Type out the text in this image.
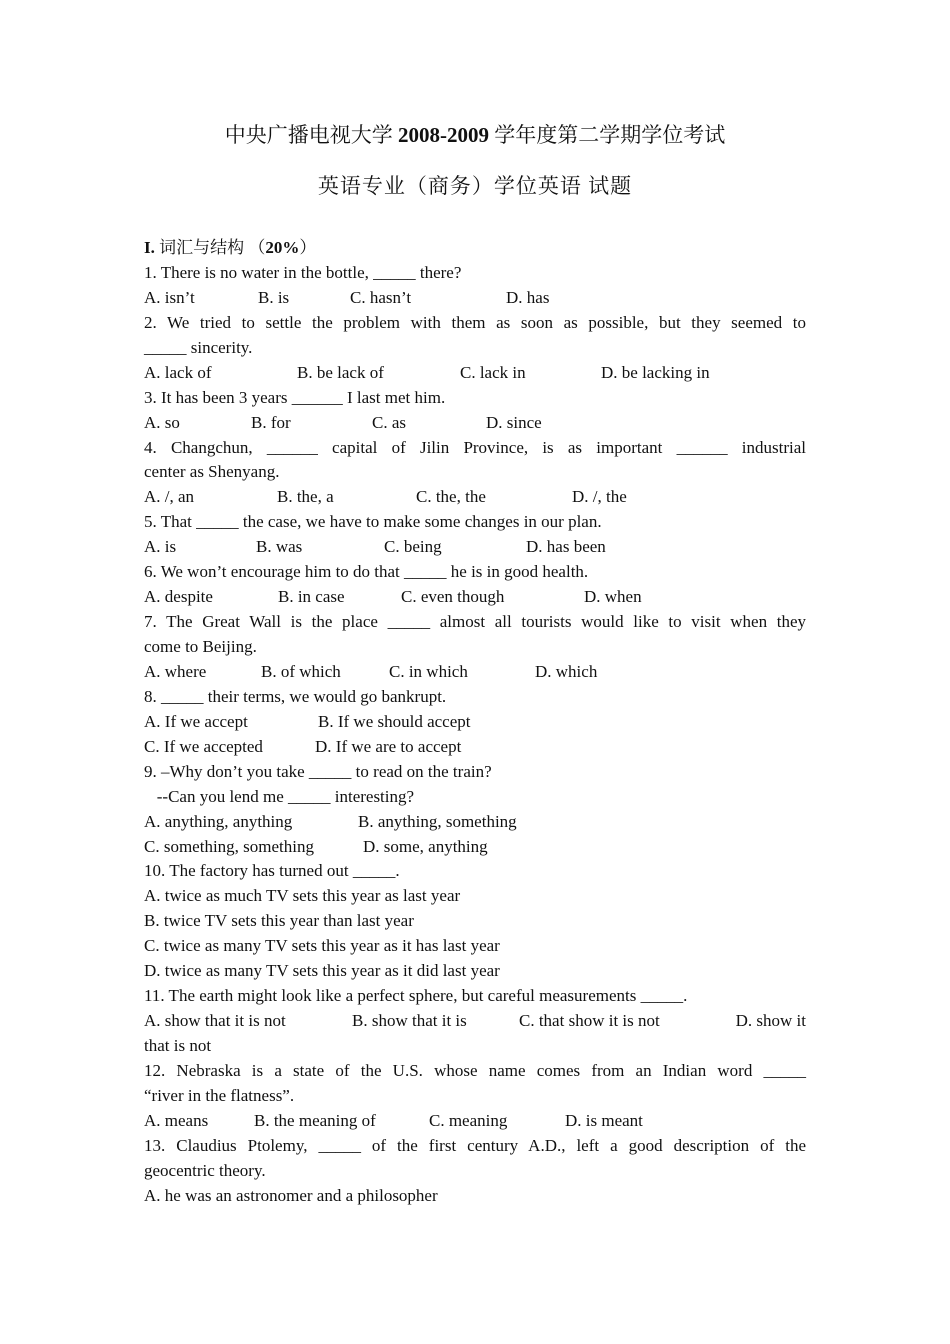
中央广播电视大学 2008-2009 学年度第二学期学位考试
英语专业（商务）学位英语 试题
I. 词汇与结构 （20%）
1. There is no water in the bottle, _____ there?
A. isn’t	B. is	C. hasn’t	D. has
2. We tried to settle the problem with them as soon as possible, but they seemed to
_____ sincerity.
A. lack of	B. be lack of	C. lack in	D. be lacking in
3. It has been 3 years ______ I last met him.
A. so	B. for	C. as	D. since
4. Changchun, ______ capital of Jilin Province, is as important ______ industrial
center as Shenyang.
A. /, an	B. the, a	C. the, the	D. /, the
5. That _____ the case, we have to make some changes in our plan.
A. is	B. was	C. being	D. has been
6. We won’t encourage him to do that _____ he is in good health.
A. despite	B. in case	C. even though	D. when
7. The Great Wall is the place _____ almost all tourists would like to visit when they
come to Beijing.
A. where	B. of which	C. in which	D. which
8. _____ their terms, we would go bankrupt.
A. If we accept	B. If we should accept
C. If we accepted	D. If we are to accept
9. –Why don’t you take _____ to read on the train?
--Can you lend me _____ interesting?
A. anything, anything	B. anything, something
C. something, something	D. some, anything
10. The factory has turned out _____.
A. twice as much TV sets this year as last year
B. twice TV sets this year than last year
C. twice as many TV sets this year as it has last year
D. twice as many TV sets this year as it did last year
11. The earth might look like a perfect sphere, but careful measurements _____.
A. show that it is not	B. show that it is	C. that show it is not	D. show it
that is not
12. Nebraska is a state of the U.S. whose name comes from an Indian word _____
“river in the flatness”.
A. means	B. the meaning of	C. meaning	D. is meant
13. Claudius Ptolemy, _____ of the first century A.D., left a good description of the
geocentric theory.
A. he was an astronomer and a philosopher
